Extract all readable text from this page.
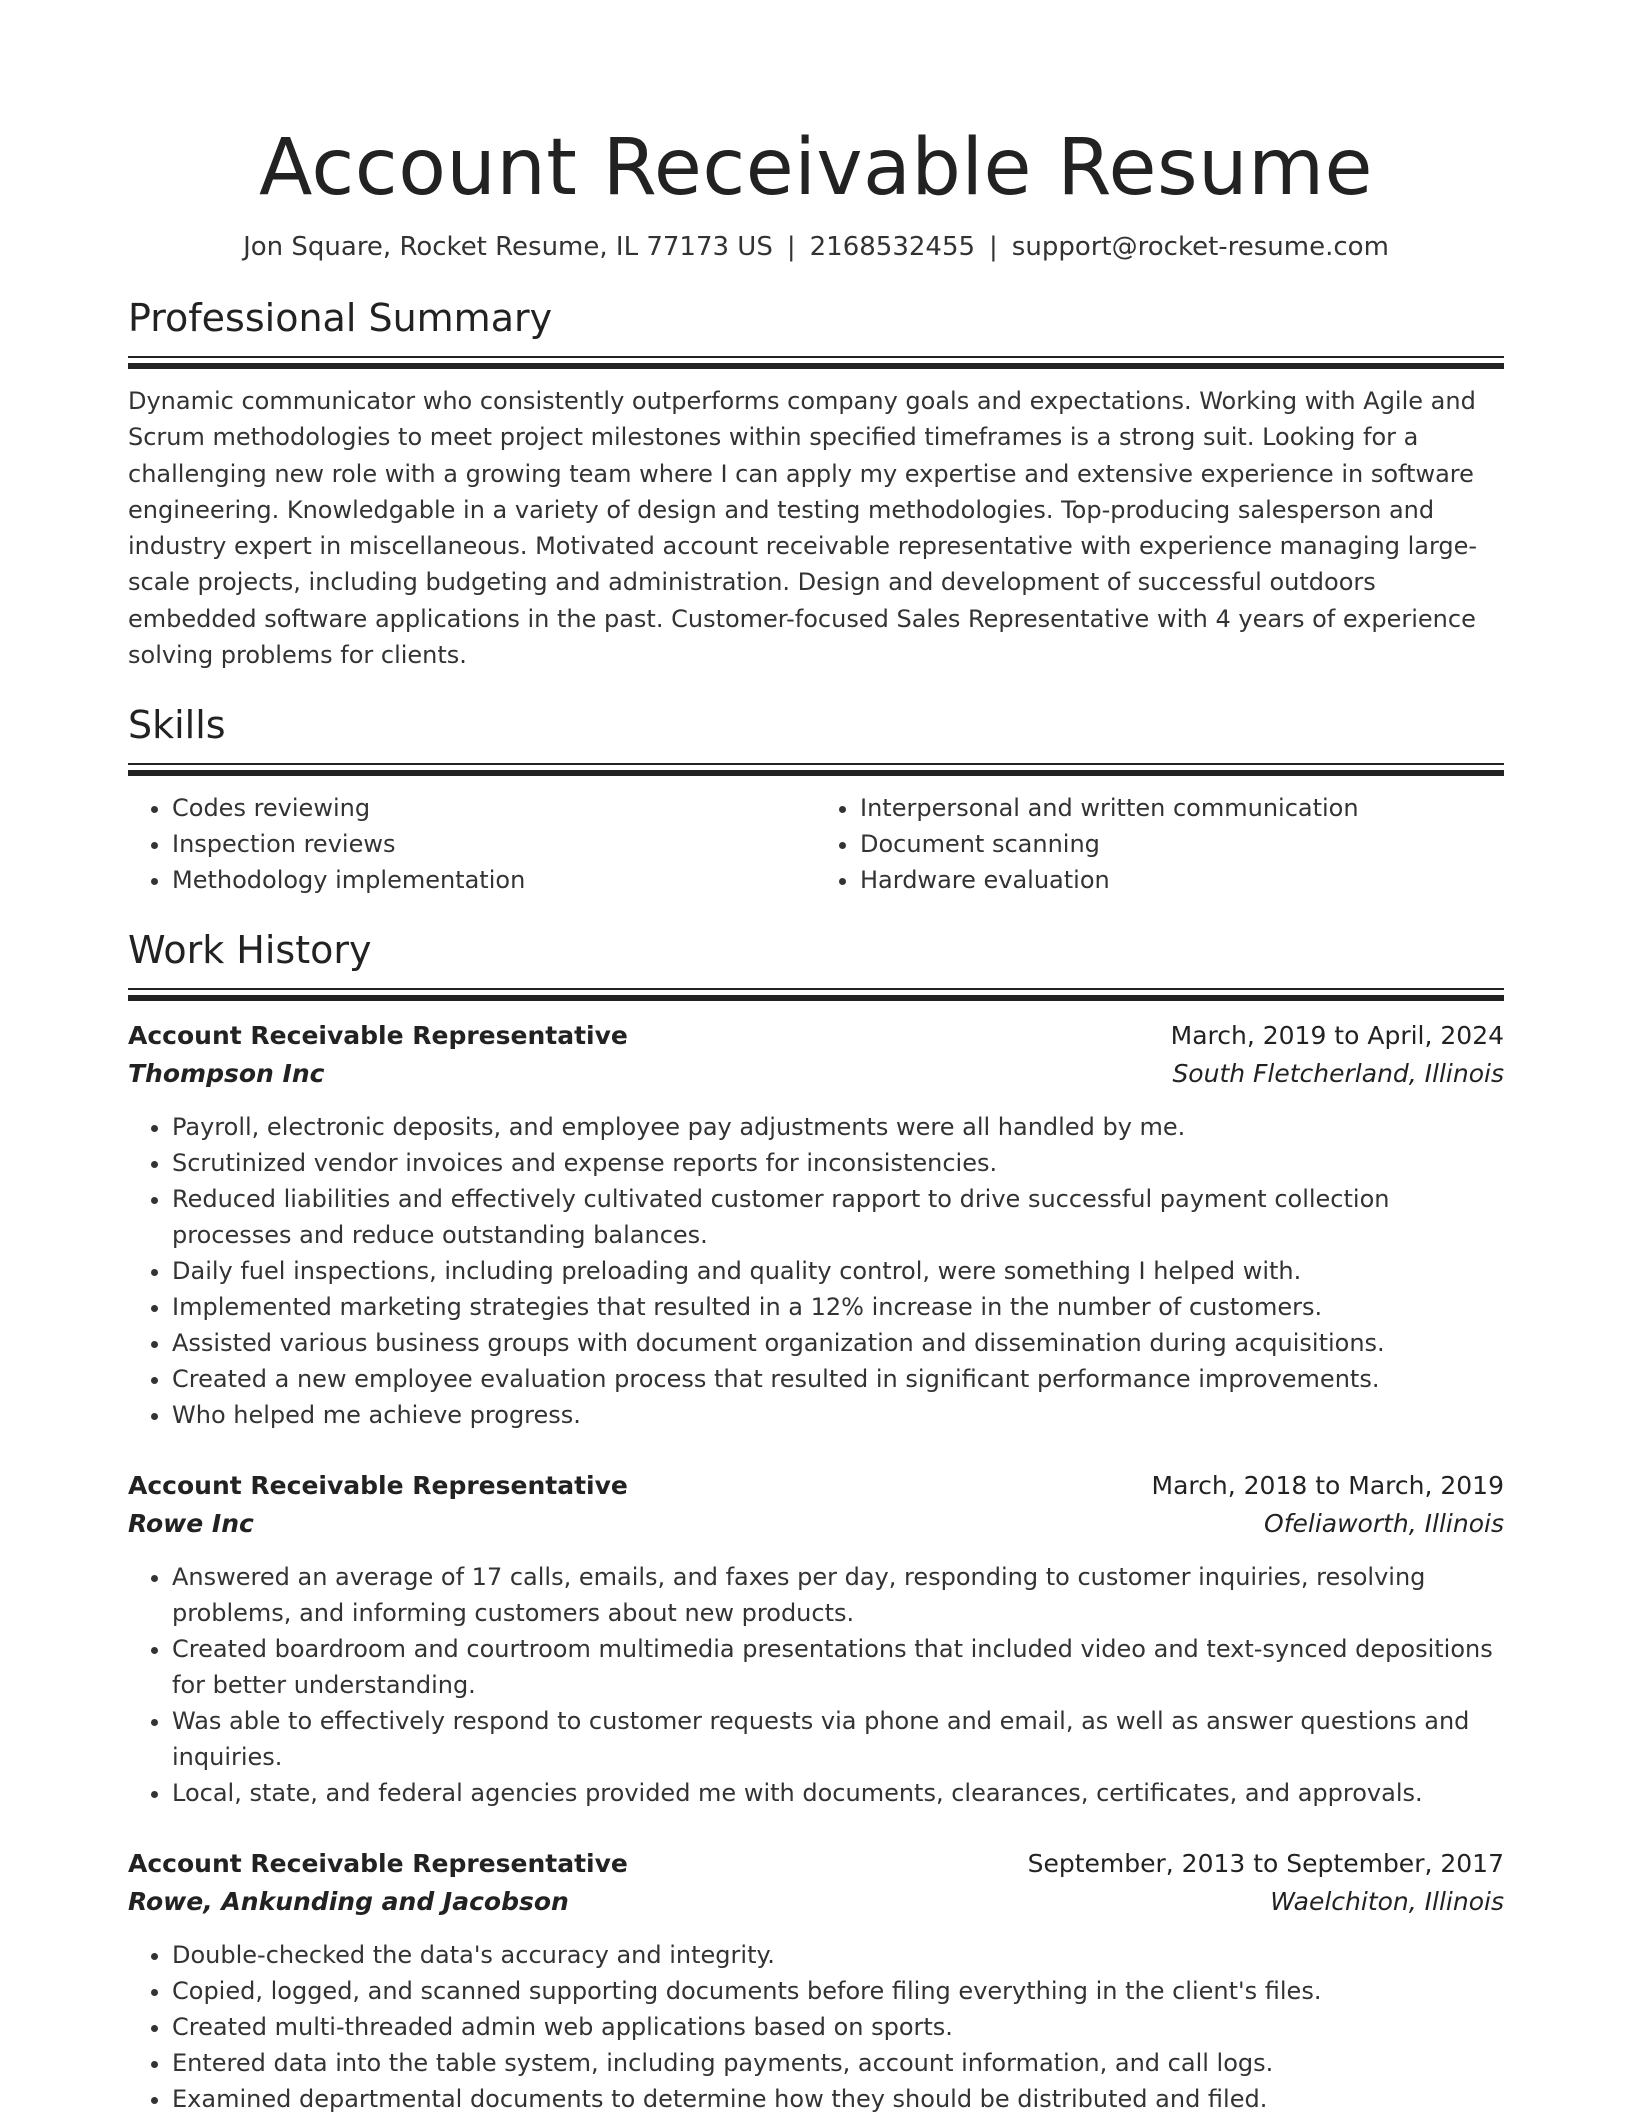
Account Receivable Resume
Jon Square, Rocket Resume, IL 77173 US | 2168532455 | support@rocket-resume.com
Professional Summary

Dynamic communicator who consistently outperforms company goals and expectations. Working with Agile and Scrum methodologies to meet project milestones within specified timeframes is a strong suit. Looking for a challenging new role with a growing team where I can apply my expertise and extensive experience in software engineering. Knowledgable in a variety of design and testing methodologies. Top-producing salesperson and industry expert in miscellaneous. Motivated account receivable representative with experience managing large-scale projects, including budgeting and administration. Design and development of successful outdoors embedded software applications in the past. Customer-focused Sales Representative with 4 years of experience solving problems for clients.

Skills
• Codes reviewing
• Inspection reviews
• Methodology implementation
• Interpersonal and written communication
• Document scanning
• Hardware evaluation
Work History
Account Receivable Representative	March, 2019 to April, 2024
Thompson Inc	South Fletcherland, Illinois
• Payroll, electronic deposits, and employee pay adjustments were all handled by me.
• Scrutinized vendor invoices and expense reports for inconsistencies.
• Reduced liabilities and effectively cultivated customer rapport to drive successful payment collection processes and reduce outstanding balances.
• Daily fuel inspections, including preloading and quality control, were something I helped with.
• Implemented marketing strategies that resulted in a 12% increase in the number of customers.
• Assisted various business groups with document organization and dissemination during acquisitions.
• Created a new employee evaluation process that resulted in significant performance improvements.
• Who helped me achieve progress.
Account Receivable Representative	March, 2018 to March, 2019
Rowe Inc	Ofeliaworth, Illinois
• Answered an average of 17 calls, emails, and faxes per day, responding to customer inquiries, resolving problems, and informing customers about new products.
• Created boardroom and courtroom multimedia presentations that included video and text-synced depositions for better understanding.
• Was able to effectively respond to customer requests via phone and email, as well as answer questions and inquiries.
• Local, state, and federal agencies provided me with documents, clearances, certificates, and approvals.
Account Receivable Representative	September, 2013 to September, 2017
Rowe, Ankunding and Jacobson	Waelchiton, Illinois
• Double-checked the data's accuracy and integrity.
• Copied, logged, and scanned supporting documents before filing everything in the client's files.
• Created multi-threaded admin web applications based on sports.
• Entered data into the table system, including payments, account information, and call logs.
• Examined departmental documents to determine how they should be distributed and filed.
